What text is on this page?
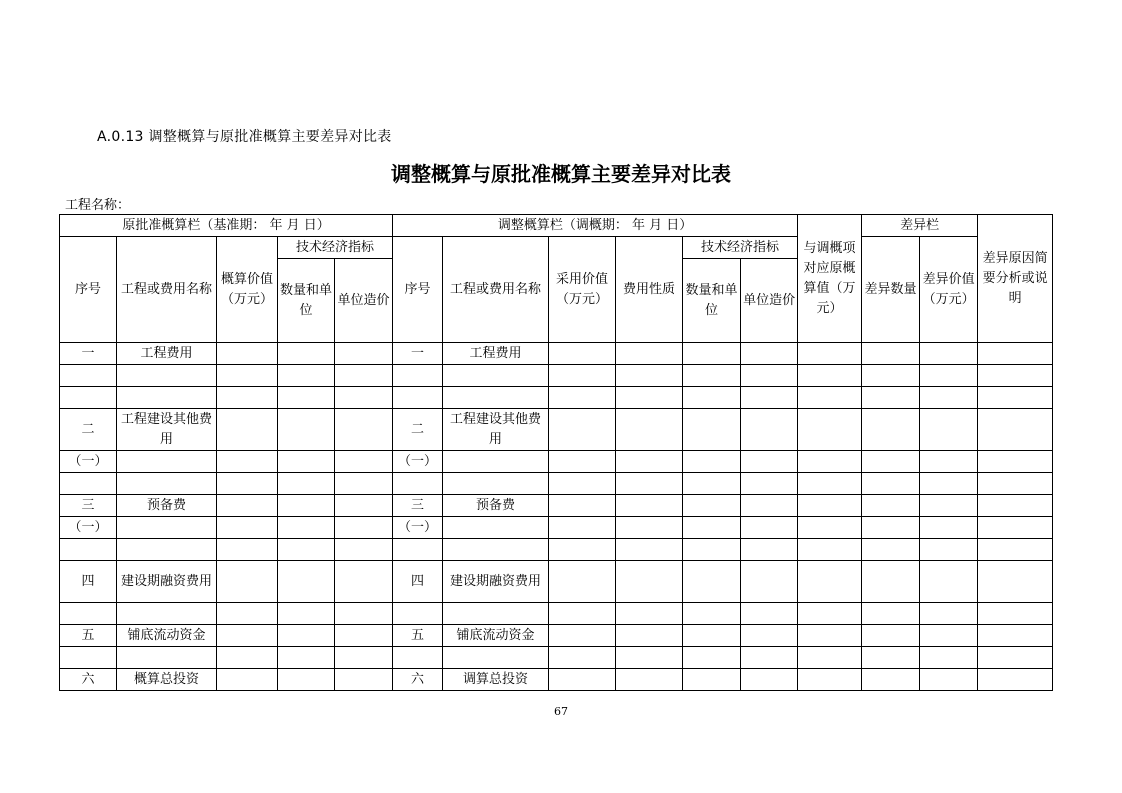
A.0.13 调整概算与原批准概算主要差异对比表
调整概算与原批准概算主要差异对比表
工程名称：
原批准概算栏（基准期： 年 月 日）					调整概算栏（调概期： 年 月 日）						与调概项对应原概算值（万元）	差异栏		差异原因简要分析或说明
序号	工程或费用名称	概算价值（万元）	技术经济指标		序号	工程或费用名称	采用价值（万元）	费用性质	技术经济指标			差异数量	差异价值（万元）	
			数量和单位	单位造价					数量和单位	单位造价				
一	工程费用				一	工程费用								

二	工程建设其他费用				二	工程建设其他费用								
（一）					（一）									

三	预备费				三	预备费								
（一）					（一）									

四	建设期融资费用				四	建设期融资费用								

五	铺底流动资金				五	铺底流动资金								

六	概算总投资				六	调算总投资								
67
